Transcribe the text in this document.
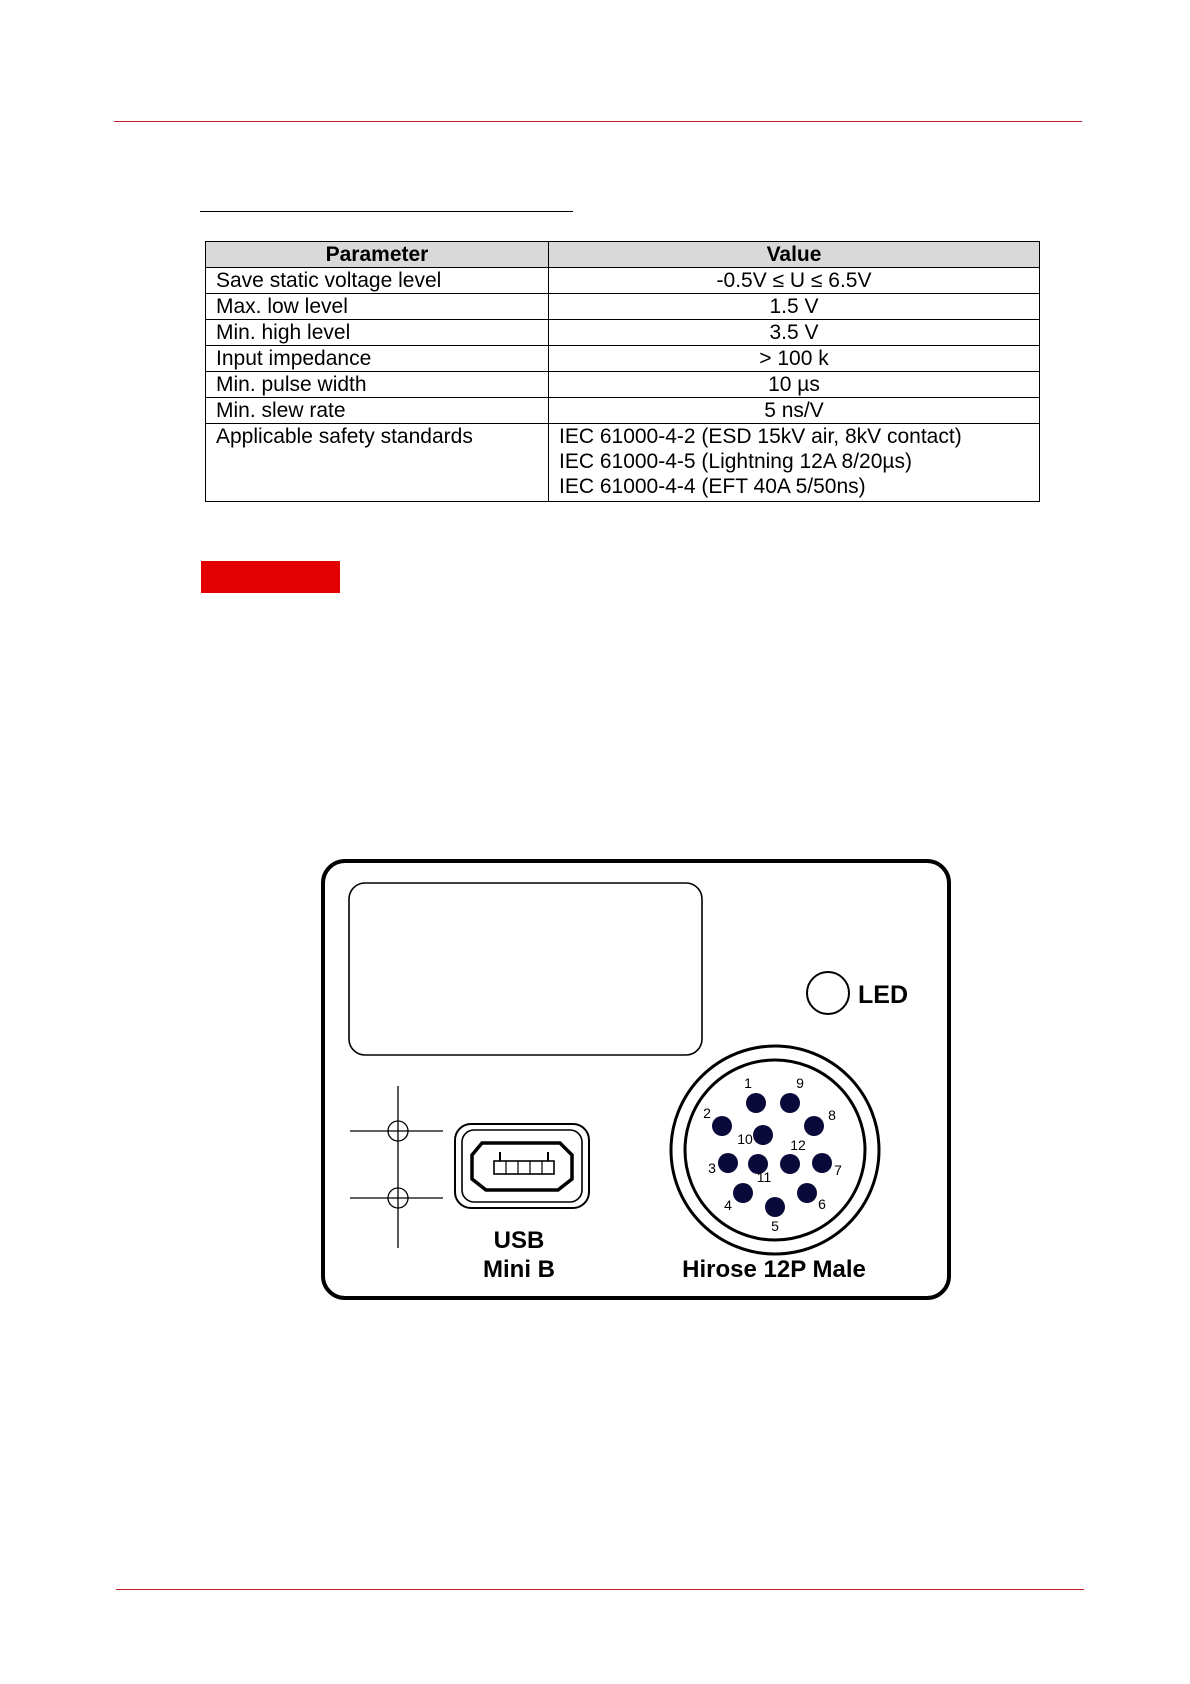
Parameter	Value
Save static voltage level	-0.5V ≤ U ≤ 6.5V
Max. low level	1.5 V
Min. high level	3.5 V
Input impedance	> 100 k
Min. pulse width	10 µs
Min. slew rate	5 ns/V
Applicable safety standards	IEC 61000-4-2 (ESD 15kV air, 8kV contact)
IEC 61000-4-5 (Lightning 12A 8/20µs)
IEC 61000-4-4 (EFT 40A 5/50ns)
LED
USB
Mini B
1
2
3
4
5
6
7
8
9
10
11
12
Hirose 12P Male
